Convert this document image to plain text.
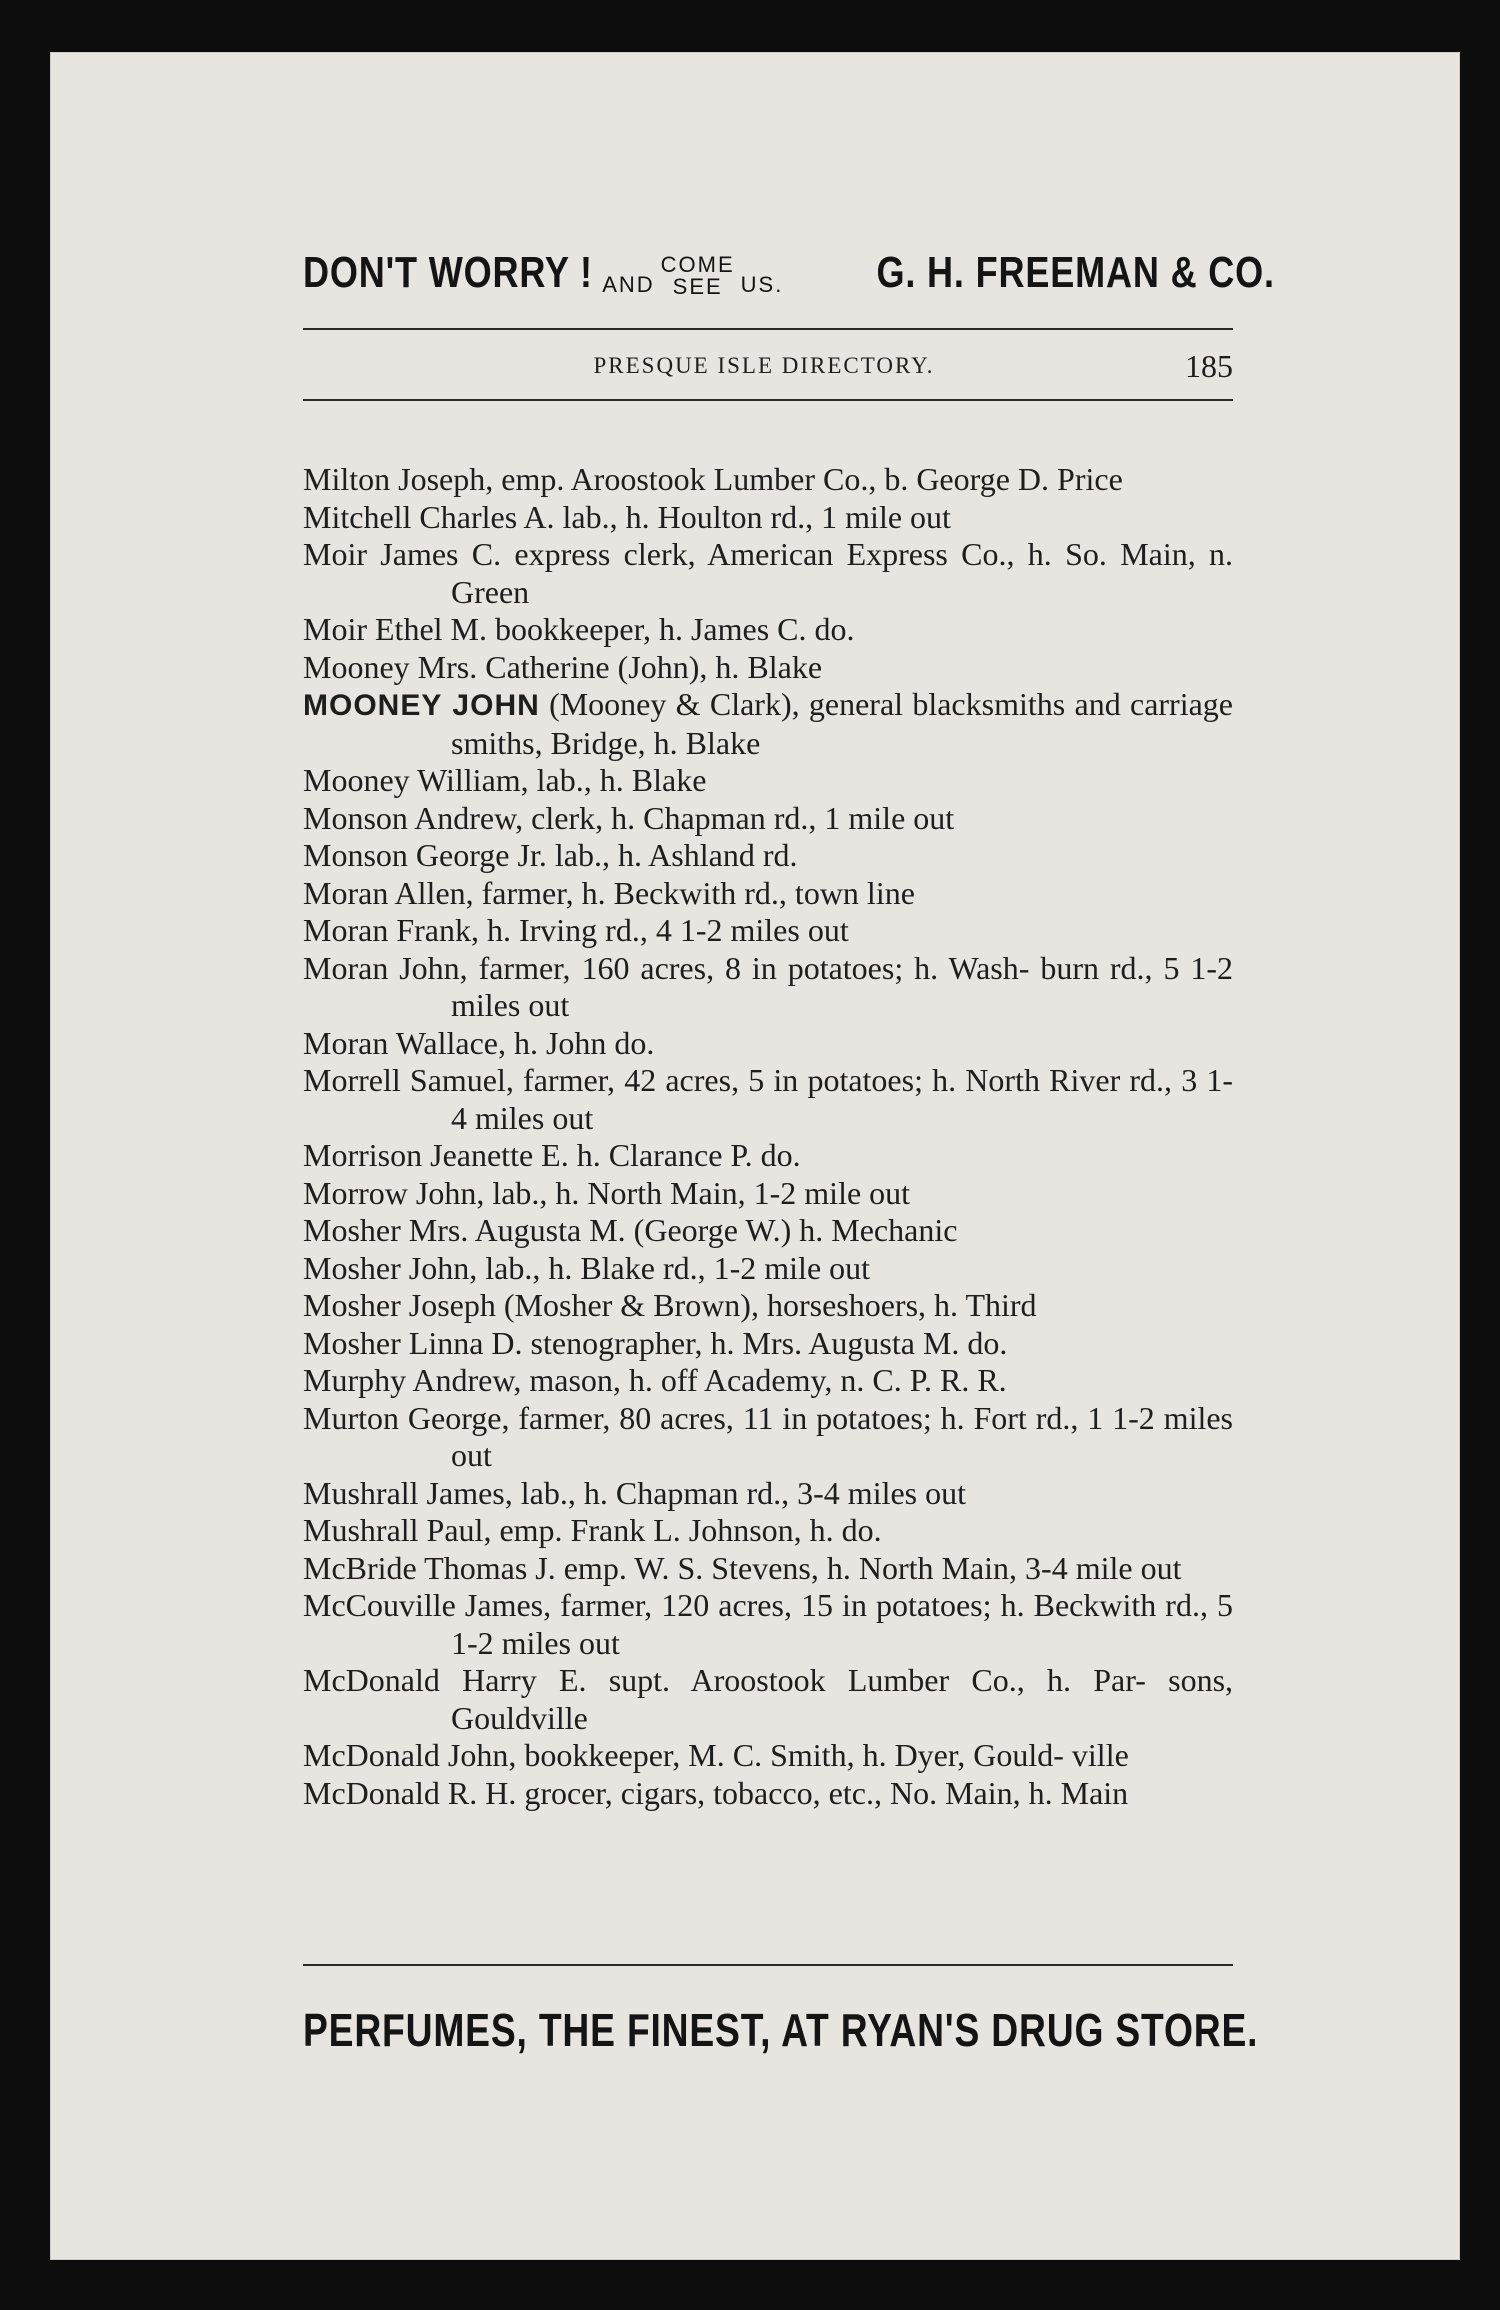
DON'T WORRY ! AND
COME
SEE US. G. H. FREEMAN & CO.
PRESQUE ISLE DIRECTORY.	185
Milton Joseph, emp. Aroostook Lumber Co., b. George D. Price
Mitchell Charles A. lab., h. Houlton rd., 1 mile out
Moir James C. express clerk, American Express Co., h. So. Main, n. Green
Moir Ethel M. bookkeeper, h. James C. do.
Mooney Mrs. Catherine (John), h. Blake
MOONEY JOHN (Mooney & Clark), general blacksmiths and carriage smiths, Bridge, h. Blake
Mooney William, lab., h. Blake
Monson Andrew, clerk, h. Chapman rd., 1 mile out
Monson George Jr. lab., h. Ashland rd.
Moran Allen, farmer, h. Beckwith rd., town line
Moran Frank, h. Irving rd., 4 1-2 miles out
Moran John, farmer, 160 acres, 8 in potatoes; h. Wash- burn rd., 5 1-2 miles out
Moran Wallace, h. John do.
Morrell Samuel, farmer, 42 acres, 5 in potatoes; h. North River rd., 3 1-4 miles out
Morrison Jeanette E. h. Clarance P. do.
Morrow John, lab., h. North Main, 1-2 mile out
Mosher Mrs. Augusta M. (George W.) h. Mechanic
Mosher John, lab., h. Blake rd., 1-2 mile out
Mosher Joseph (Mosher & Brown), horseshoers, h. Third
Mosher Linna D. stenographer, h. Mrs. Augusta M. do.
Murphy Andrew, mason, h. off Academy, n. C. P. R. R.
Murton George, farmer, 80 acres, 11 in potatoes; h. Fort rd., 1 1-2 miles out
Mushrall James, lab., h. Chapman rd., 3-4 miles out
Mushrall Paul, emp. Frank L. Johnson, h. do.
McBride Thomas J. emp. W. S. Stevens, h. North Main, 3-4 mile out
McCouville James, farmer, 120 acres, 15 in potatoes; h. Beckwith rd., 5 1-2 miles out
McDonald Harry E. supt. Aroostook Lumber Co., h. Par- sons, Gouldville
McDonald John, bookkeeper, M. C. Smith, h. Dyer, Gould- ville
McDonald R. H. grocer, cigars, tobacco, etc., No. Main, h. Main
PERFUMES, THE FINEST, AT RYAN'S DRUG STORE.
